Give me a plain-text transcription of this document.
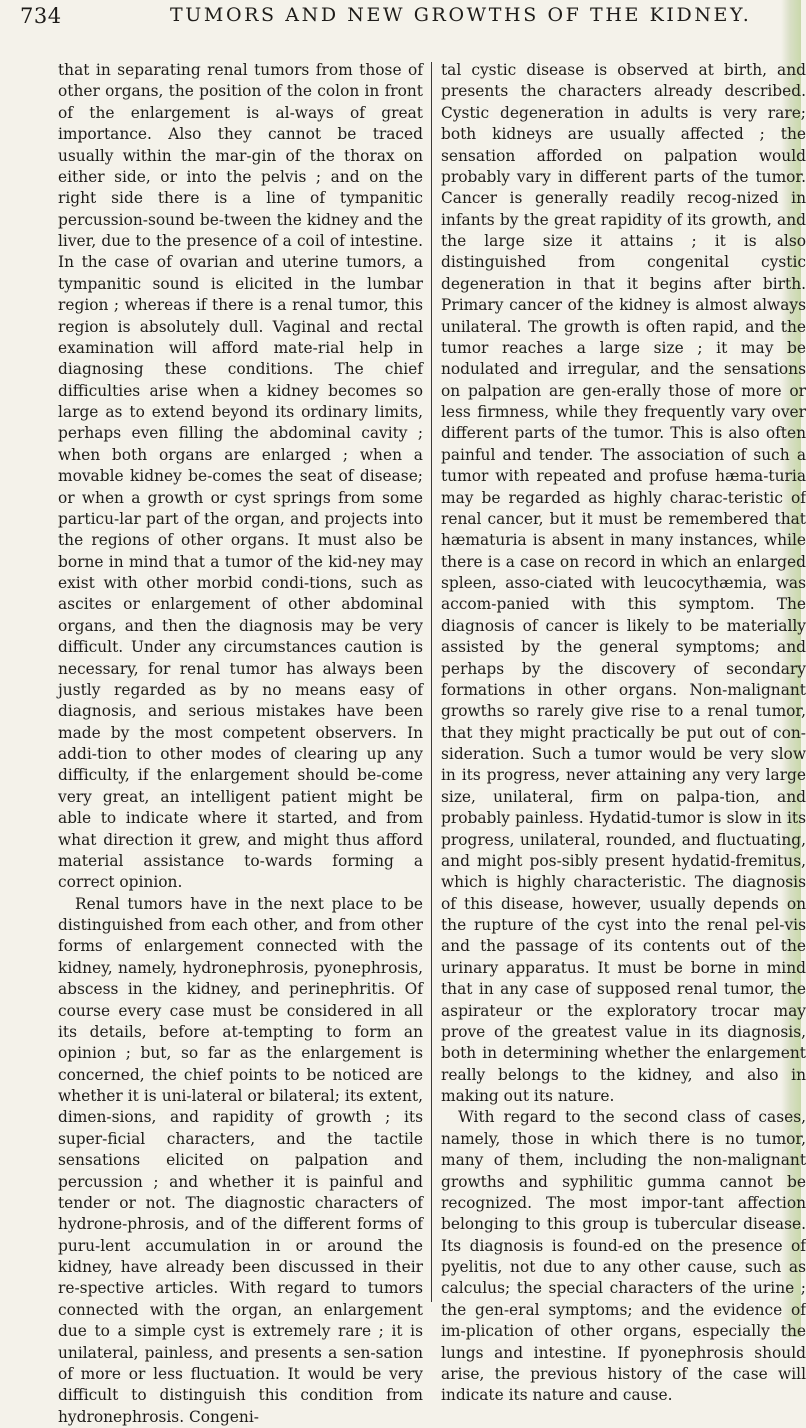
734	TUMORS AND NEW GROWTHS OF THE KIDNEY.

that in separating renal tumors from those of other organs, the position of the colon in front of the enlargement is al-ways of great importance. Also they cannot be traced usually within the mar-gin of the thorax on either side, or into the pelvis ; and on the right side there is a line of tympanitic percussion-sound be-tween the kidney and the liver, due to the presence of a coil of intestine. In the case of ovarian and uterine tumors, a tympanitic sound is elicited in the lumbar region ; whereas if there is a renal tumor, this region is absolutely dull. Vaginal and rectal examination will afford mate-rial help in diagnosing these conditions. The chief difficulties arise when a kidney becomes so large as to extend beyond its ordinary limits, perhaps even filling the abdominal cavity ; when both organs are enlarged ; when a movable kidney be-comes the seat of disease; or when a growth or cyst springs from some particu-lar part of the organ, and projects into the regions of other organs. It must also be borne in mind that a tumor of the kid-ney may exist with other morbid condi-tions, such as ascites or enlargement of other abdominal organs, and then the diagnosis may be very difficult. Under any circumstances caution is necessary, for renal tumor has always been justly regarded as by no means easy of diagnosis, and serious mistakes have been made by the most competent observers. In addi-tion to other modes of clearing up any difficulty, if the enlargement should be-come very great, an intelligent patient might be able to indicate where it started, and from what direction it grew, and might thus afford material assistance to-wards forming a correct opinion.

Renal tumors have in the next place to be distinguished from each other, and from other forms of enlargement connected with the kidney, namely, hydronephrosis, pyonephrosis, abscess in the kidney, and perinephritis. Of course every case must be considered in all its details, before at-tempting to form an opinion ; but, so far as the enlargement is concerned, the chief points to be noticed are whether it is uni-lateral or bilateral; its extent, dimen-sions, and rapidity of growth ; its super-ficial characters, and the tactile sensations elicited on palpation and percussion ; and whether it is painful and tender or not. The diagnostic characters of hydrone-phrosis, and of the different forms of puru-lent accumulation in or around the kidney, have already been discussed in their re-spective articles. With regard to tumors connected with the organ, an enlargement due to a simple cyst is extremely rare ; it is unilateral, painless, and presents a sen-sation of more or less fluctuation. It would be very difficult to distinguish this condition from hydronephrosis. Congeni-

tal cystic disease is observed at birth, and presents the characters already described. Cystic degeneration in adults is very rare; both kidneys are usually affected ; the sensation afforded on palpation would probably vary in different parts of the tumor. Cancer is generally readily recog-nized in infants by the great rapidity of its growth, and the large size it attains ; it is also distinguished from congenital cystic degeneration in that it begins after birth. Primary cancer of the kidney is almost always unilateral. The growth is often rapid, and the tumor reaches a large size ; it may be nodulated and irregular, and the sensations on palpation are gen-erally those of more or less firmness, while they frequently vary over different parts of the tumor. This is also often painful and tender. The association of such a tumor with repeated and profuse hæma-turia may be regarded as highly charac-teristic of renal cancer, but it must be remembered that hæmaturia is absent in many instances, while there is a case on record in which an enlarged spleen, asso-ciated with leucocythæmia, was accom-panied with this symptom. The diagnosis of cancer is likely to be materially assisted by the general symptoms; and perhaps by the discovery of secondary formations in other organs. Non-malignant growths so rarely give rise to a renal tumor, that they might practically be put out of con-sideration. Such a tumor would be very slow in its progress, never attaining any very large size, unilateral, firm on palpa-tion, and probably painless. Hydatid-tumor is slow in its progress, unilateral, rounded, and fluctuating, and might pos-sibly present hydatid-fremitus, which is highly characteristic. The diagnosis of this disease, however, usually depends on the rupture of the cyst into the renal pel-vis and the passage of its contents out of the urinary apparatus. It must be borne in mind that in any case of supposed renal tumor, the aspirateur or the exploratory trocar may prove of the greatest value in its diagnosis, both in determining whether the enlargement really belongs to the kidney, and also in making out its nature.

With regard to the second class of cases, namely, those in which there is no tumor, many of them, including the non-malignant growths and syphilitic gumma cannot be recognized. The most impor-tant affection belonging to this group is tubercular disease. Its diagnosis is found-ed on the presence of pyelitis, not due to any other cause, such as calculus; the special characters of the urine ; the gen-eral symptoms; and the evidence of im-plication of other organs, especially the lungs and intestine. If pyonephrosis should arise, the previous history of the case will indicate its nature and cause.
